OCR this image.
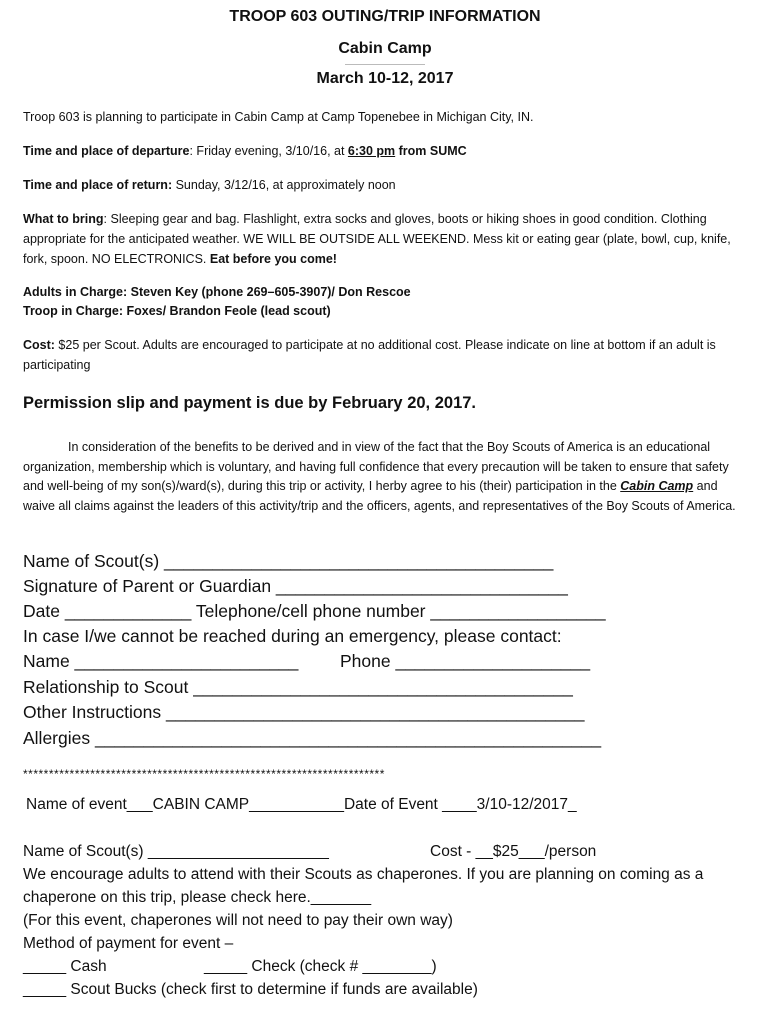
TROOP 603 OUTING/TRIP INFORMATION
Cabin Camp
March 10-12, 2017
Troop 603 is planning to participate in Cabin Camp at Camp Topenebee in Michigan City, IN.
Time and place of departure: Friday evening, 3/10/16, at 6:30 pm from SUMC
Time and place of return: Sunday, 3/12/16, at approximately noon
What to bring: Sleeping gear and bag. Flashlight, extra socks and gloves, boots or hiking shoes in good condition. Clothing appropriate for the anticipated weather. WE WILL BE OUTSIDE ALL WEEKEND. Mess kit or eating gear (plate, bowl, cup, knife, fork, spoon. NO ELECTRONICS. Eat before you come!
Adults in Charge: Steven Key (phone 269–605-3907)/ Don Rescoe
Troop in Charge: Foxes/ Brandon Feole (lead scout)
Cost: $25 per Scout. Adults are encouraged to participate at no additional cost. Please indicate on line at bottom if an adult is participating
Permission slip and payment is due by February 20, 2017.
In consideration of the benefits to be derived and in view of the fact that the Boy Scouts of America is an educational organization, membership which is voluntary, and having full confidence that every precaution will be taken to ensure that safety and well-being of my son(s)/ward(s), during this trip or activity, I herby agree to his (their) participation in the Cabin Camp and waive all claims against the leaders of this activity/trip and the officers, agents, and representatives of the Boy Scouts of America.
Name of Scout(s) ________________________________________
Signature of Parent or Guardian ______________________________
Date _____________ Telephone/cell phone number __________________
In case I/we cannot be reached during an emergency, please contact:
Name _______________________ Phone ____________________
Relationship to Scout _______________________________________
Other Instructions ___________________________________________
Allergies ____________________________________________________
**********************************************************************
Name of event___CABIN CAMP___________Date of Event ____3/10-12/2017_
Name of Scout(s) _____________________	Cost - __$25___/person
We encourage adults to attend with their Scouts as chaperones. If you are planning on coming as a
chaperone on this trip, please check here._______
(For this event, chaperones will not need to pay their own way)
Method of payment for event –
_____ Cash	_____ Check (check # ________)
_____ Scout Bucks (check first to determine if funds are available)
